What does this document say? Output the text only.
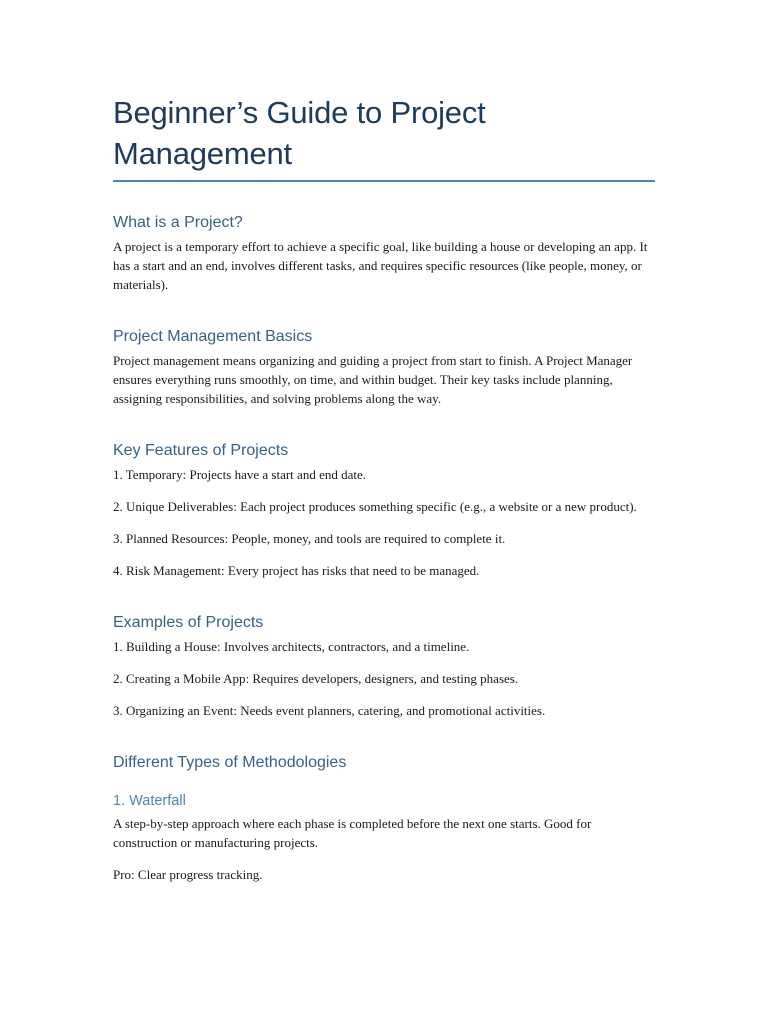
Beginner’s Guide to Project
Management
What is a Project?

A project is a temporary effort to achieve a specific goal, like building a house or developing an app. It has a start and an end, involves different tasks, and requires specific resources (like people, money, or materials).

Project Management Basics

Project management means organizing and guiding a project from start to finish. A Project Manager ensures everything runs smoothly, on time, and within budget. Their key tasks include planning, assigning responsibilities, and solving problems along the way.

Key Features of Projects

1. Temporary: Projects have a start and end date.

2. Unique Deliverables: Each project produces something specific (e.g., a website or a new product).

3. Planned Resources: People, money, and tools are required to complete it.

4. Risk Management: Every project has risks that need to be managed.

Examples of Projects

1. Building a House: Involves architects, contractors, and a timeline.

2. Creating a Mobile App: Requires developers, designers, and testing phases.

3. Organizing an Event: Needs event planners, catering, and promotional activities.

Different Types of Methodologies
1. Waterfall

A step-by-step approach where each phase is completed before the next one starts. Good for construction or manufacturing projects.

Pro: Clear progress tracking.
